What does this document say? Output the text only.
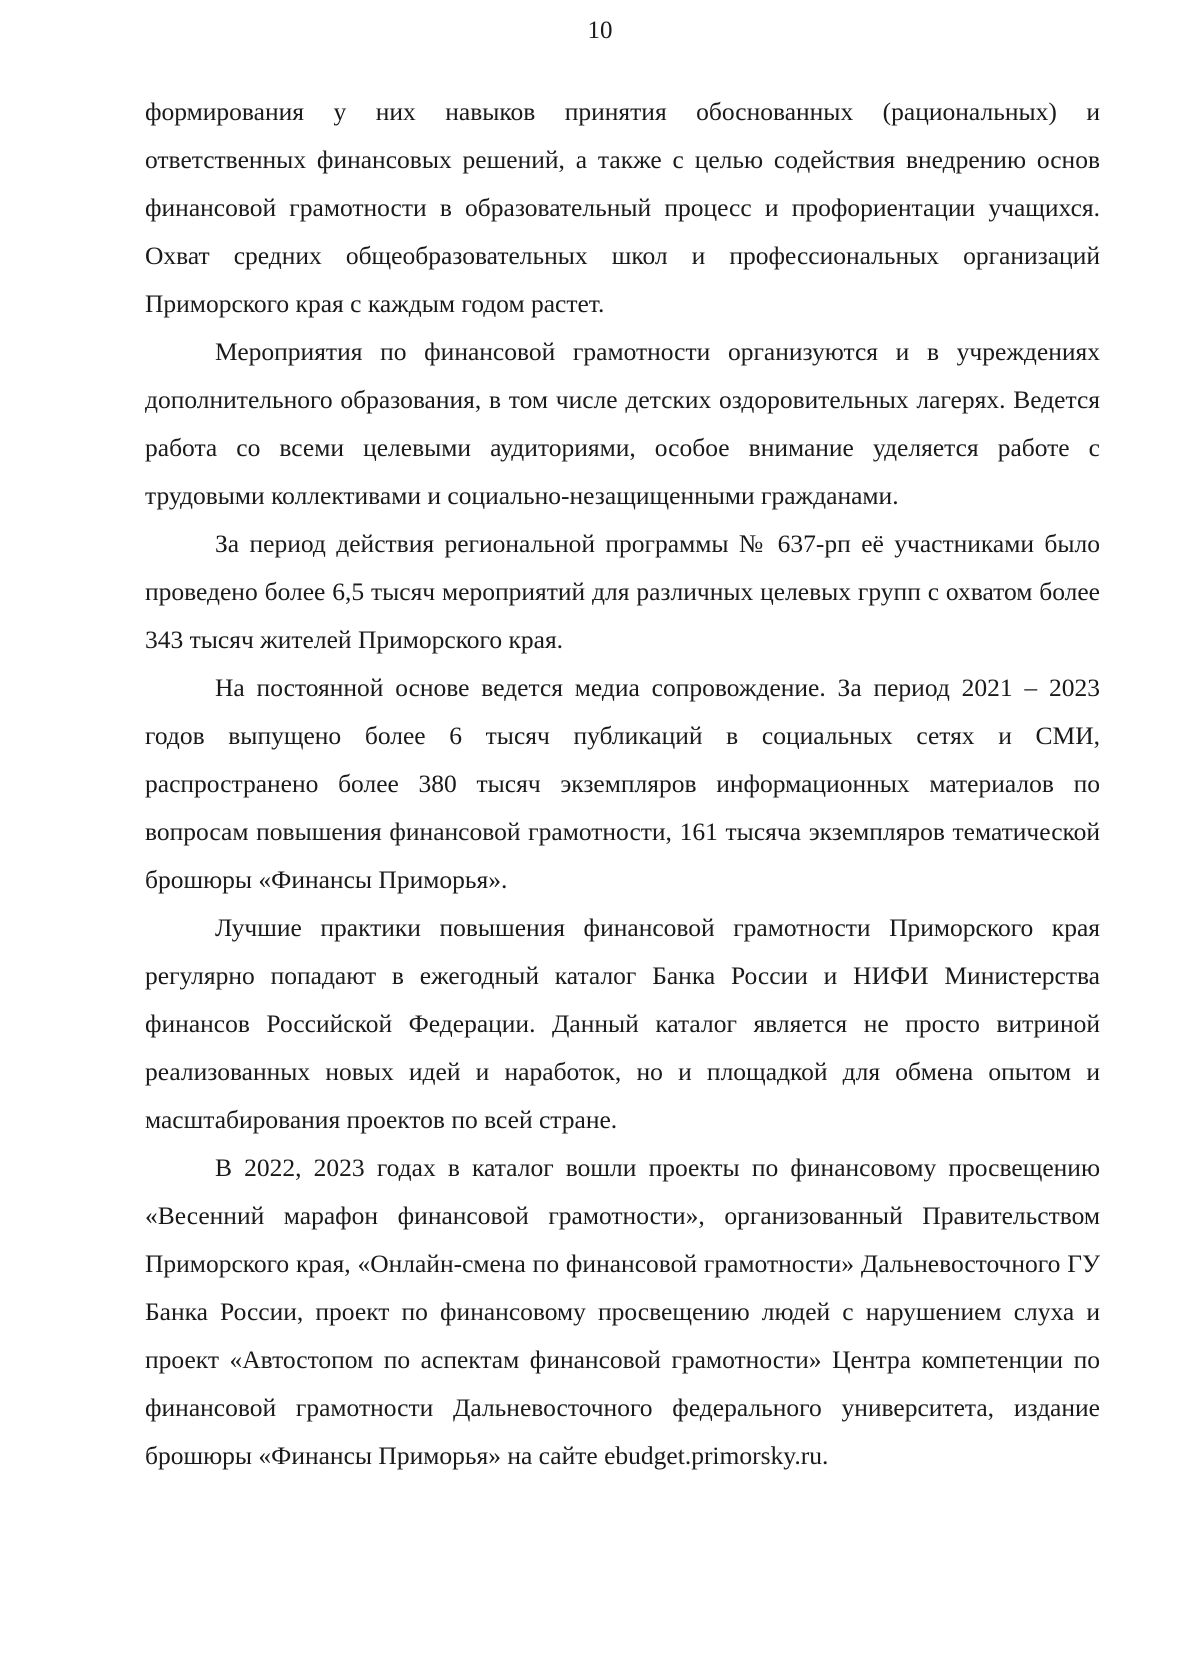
10

формирования у них навыков принятия обоснованных (рациональных) и ответственных финансовых решений, а также с целью содействия внедрению основ финансовой грамотности в образовательный процесс и профориентации учащихся. Охват средних общеобразовательных школ и профессиональных организаций Приморского края с каждым годом растет.

Мероприятия по финансовой грамотности организуются и в учреждениях дополнительного образования, в том числе детских оздоровительных лагерях. Ведется работа со всеми целевыми аудиториями, особое внимание уделяется работе с трудовыми коллективами и социально-незащищенными гражданами.

За период действия региональной программы № 637-рп её участниками было проведено более 6,5 тысяч мероприятий для различных целевых групп с охватом более 343 тысяч жителей Приморского края.

На постоянной основе ведется медиа сопровождение. За период 2021 – 2023 годов выпущено более 6 тысяч публикаций в социальных сетях и СМИ, распространено более 380 тысяч экземпляров информационных материалов по вопросам повышения финансовой грамотности, 161 тысяча экземпляров тематической брошюры «Финансы Приморья».

Лучшие практики повышения финансовой грамотности Приморского края регулярно попадают в ежегодный каталог Банка России и НИФИ Министерства финансов Российской Федерации. Данный каталог является не просто витриной реализованных новых идей и наработок, но и площадкой для обмена опытом и масштабирования проектов по всей стране.

В 2022, 2023 годах в каталог вошли проекты по финансовому просвещению «Весенний марафон финансовой грамотности», организованный Правительством Приморского края, «Онлайн-смена по финансовой грамотности» Дальневосточного ГУ Банка России, проект по финансовому просвещению людей с нарушением слуха и проект «Автостопом по аспектам финансовой грамотности» Центра компетенции по финансовой грамотности Дальневосточного федерального университета, издание брошюры «Финансы Приморья» на сайте ebudget.primorsky.ru.
